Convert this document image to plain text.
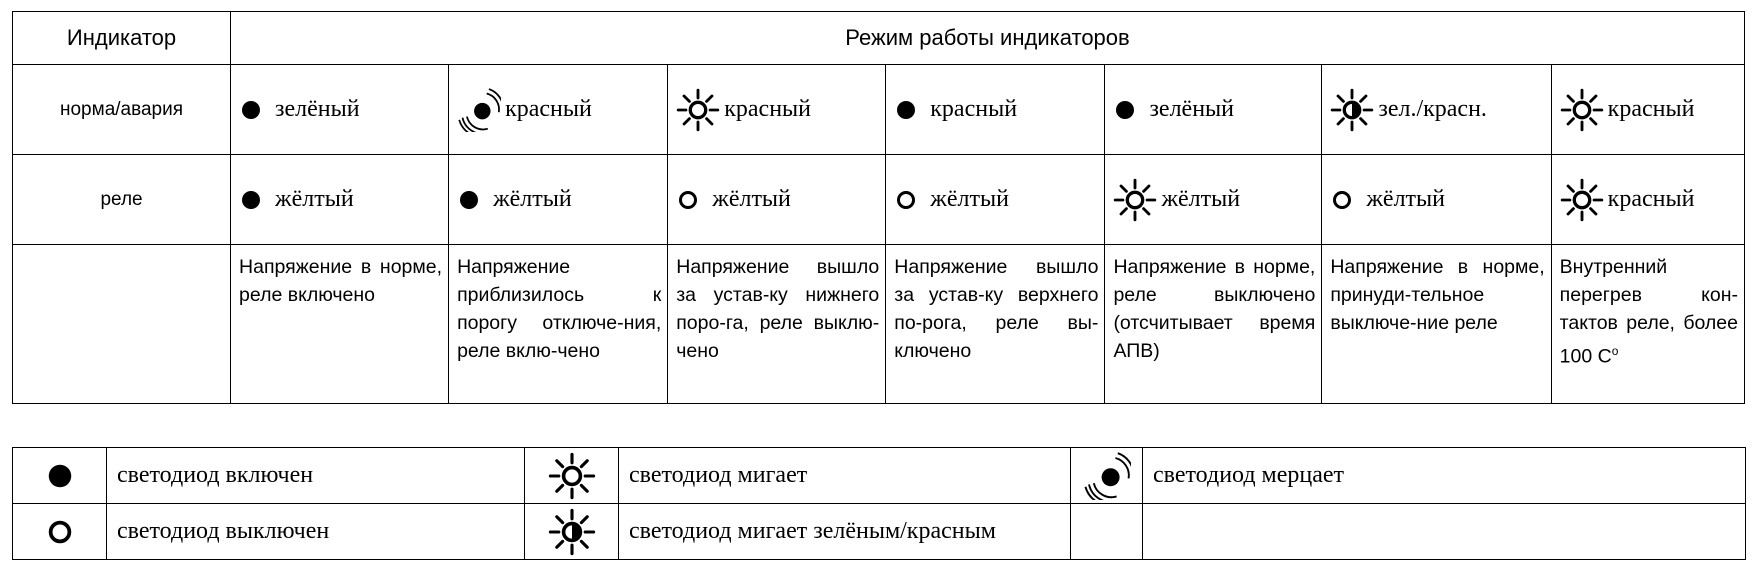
Индикатор	Режим работы индикаторов						
норма/авария	зелёный	красный	красный	красный	зелёный	зел./красн.	красный

реле	жёлтый	жёлтый	жёлтый	жёлтый	жёлтый	жёлтый	красный

	Напряжение в норме, реле включено	Напряжение приблизилось к порогу отключе-ния, реле вклю-чено	Напряжение вышло за устав-ку нижнего поро-га, реле выклю-чено	Напряжение вышло за устав-ку верхнего по-рога, реле вы-ключено	Напряжение в норме, реле выключено (отсчитывает время АПВ)	Напряжение в норме, принуди-тельное выключе-ние реле	Внутренний перегрев кон-тактов реле, более 100 $С^о$
	светодиод включен		светодиод мигает		светодиод мерцает

	светодиод выключен		светодиод мигает зелёным/красным		
